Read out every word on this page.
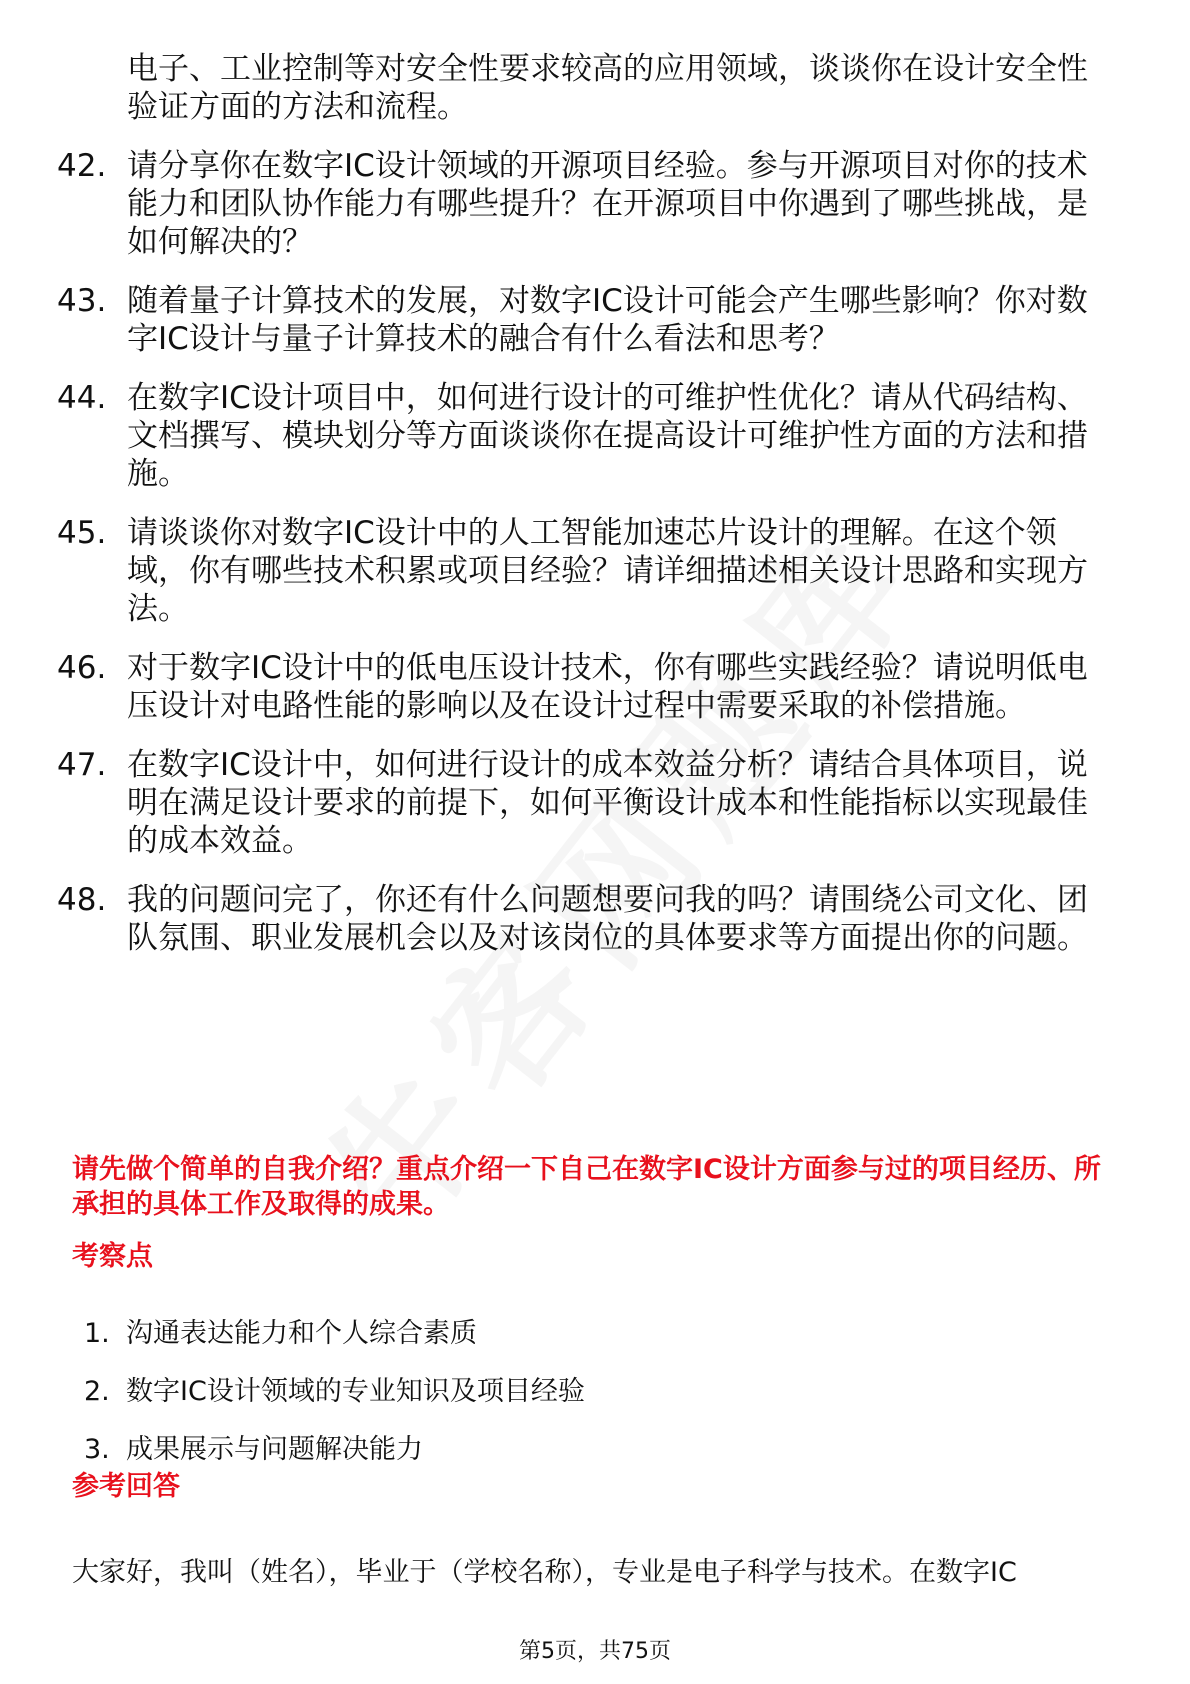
电子、工业控制等对安全性要求较高的应用领域，谈谈你在设计安全性验证方面的方法和流程。
42. 请分享你在数字IC设计领域的开源项目经验。参与开源项目对你的技术能力和团队协作能力有哪些提升？在开源项目中你遇到了哪些挑战，是如何解决的？
43. 随着量子计算技术的发展，对数字IC设计可能会产生哪些影响？你对数字IC设计与量子计算技术的融合有什么看法和思考？
44. 在数字IC设计项目中，如何进行设计的可维护性优化？请从代码结构、文档撰写、模块划分等方面谈谈你在提高设计可维护性方面的方法和措施。
45. 请谈谈你对数字IC设计中的人工智能加速芯片设计的理解。在这个领域，你有哪些技术积累或项目经验？请详细描述相关设计思路和实现方法。
46. 对于数字IC设计中的低电压设计技术，你有哪些实践经验？请说明低电压设计对电路性能的影响以及在设计过程中需要采取的补偿措施。
47. 在数字IC设计中，如何进行设计的成本效益分析？请结合具体项目，说明在满足设计要求的前提下，如何平衡设计成本和性能指标以实现最佳的成本效益。
48. 我的问题问完了，你还有什么问题想要问我的吗？请围绕公司文化、团队氛围、职业发展机会以及对该岗位的具体要求等方面提出你的问题。
请先做个简单的自我介绍？重点介绍一下自己在数字IC设计方面参与过的项目经历、所承担的具体工作及取得的成果。
考察点
1. 沟通表达能力和个人综合素质
2. 数字IC设计领域的专业知识及项目经验
3. 成果展示与问题解决能力
参考回答
大家好，我叫（姓名），毕业于（学校名称），专业是电子科学与技术。在数字IC
第5页，共75页
